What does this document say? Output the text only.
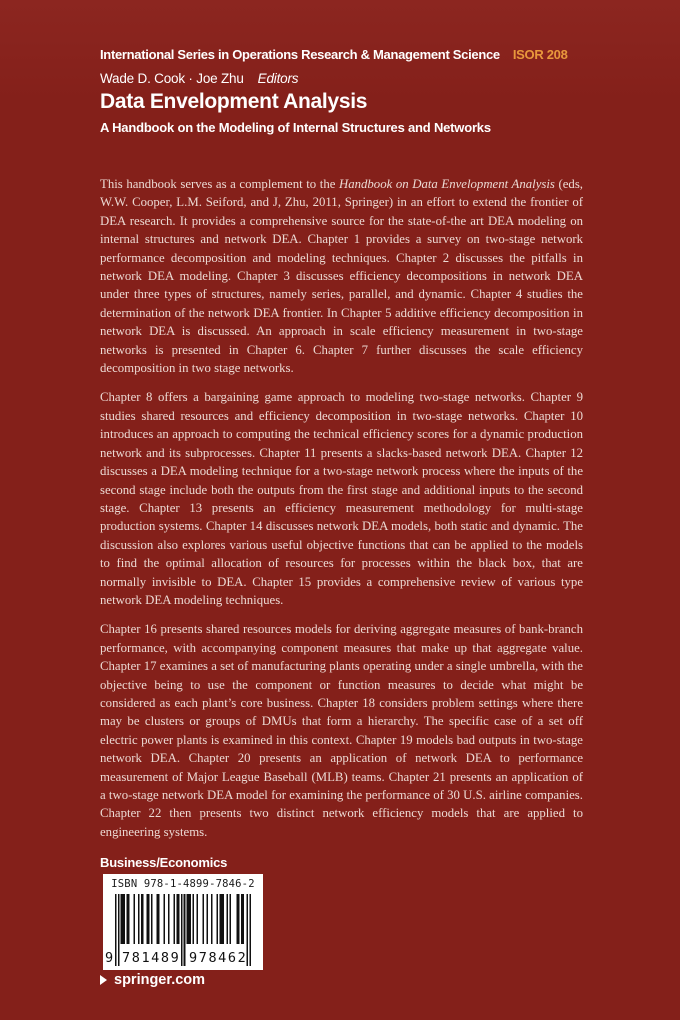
International Series in Operations Research & Management Science ISOR 208
Wade D. Cook · Joe Zhu Editors
Data Envelopment Analysis
A Handbook on the Modeling of Internal Structures and Networks

This handbook serves as a complement to the Handbook on Data Envelopment Analysis (eds, W.W. Cooper, L.M. Seiford, and J, Zhu, 2011, Springer) in an effort to extend the frontier of DEA research. It provides a comprehensive source for the state-of-the art DEA modeling on internal structures and network DEA. Chapter 1 provides a survey on two-stage network performance decomposition and modeling techniques. Chapter 2 discusses the pitfalls in network DEA modeling. Chapter 3 discusses efficiency decompositions in network DEA under three types of structures, namely series, parallel, and dynamic. Chapter 4 studies the determination of the network DEA frontier. In Chapter 5 additive efficiency decomposition in network DEA is discussed. An approach in scale efficiency measurement in two-stage networks is presented in Chapter 6. Chapter 7 further discusses the scale efficiency decomposition in two stage networks.

Chapter 8 offers a bargaining game approach to modeling two-stage networks. Chapter 9 studies shared resources and efficiency decomposition in two-stage networks. Chapter 10 introduces an approach to computing the technical efficiency scores for a dynamic production network and its subprocesses. Chapter 11 presents a slacks-based network DEA. Chapter 12 discusses a DEA modeling technique for a two-stage network process where the inputs of the second stage include both the outputs from the first stage and additional inputs to the second stage. Chapter 13 presents an efficiency measurement methodology for multi-stage production systems. Chapter 14 discusses network DEA models, both static and dynamic. The discussion also explores various useful objective functions that can be applied to the models to find the optimal allocation of resources for processes within the black box, that are normally invisible to DEA. Chapter 15 provides a comprehensive review of various type network DEA modeling techniques.

Chapter 16 presents shared resources models for deriving aggregate measures of bank-branch performance, with accompanying component measures that make up that aggregate value. Chapter 17 examines a set of manufacturing plants operating under a single umbrella, with the objective being to use the component or function measures to decide what might be considered as each plant’s core business. Chapter 18 considers problem settings where there may be clusters or groups of DMUs that form a hierarchy. The specific case of a set off electric power plants is examined in this context. Chapter 19 models bad outputs in two-stage network DEA. Chapter 20 presents an application of network DEA to performance measurement of Major League Baseball (MLB) teams. Chapter 21 presents an application of a two-stage network DEA model for examining the performance of 30 U.S. airline companies. Chapter 22 then presents two distinct network efficiency models that are applied to engineering systems.

Business/Economics
ISBN 978-1-4899-7846-2
9 781489 978462
springer.com
